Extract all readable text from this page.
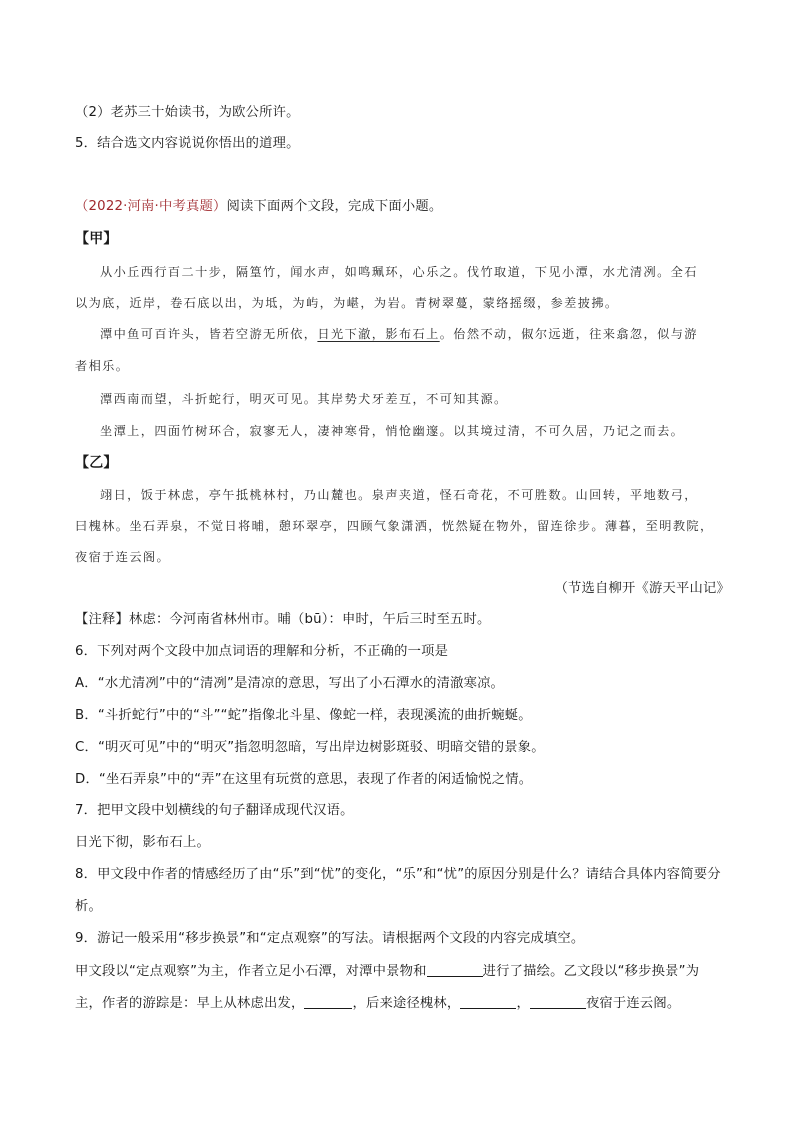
（2）老苏三十始读书，为欧公所许。
5．结合选文内容说说你悟出的道理。
（2022·河南·中考真题）阅读下面两个文段，完成下面小题。
【甲】
从小丘西行百二十步，隔篁竹，闻水声，如鸣珮环，心乐之。伐竹取道，下见小潭，水尤清冽。全石
以为底，近岸，卷石底以出，为坻，为屿，为嵁，为岩。青树翠蔓，蒙络摇缀，参差披拂。
潭中鱼可百许头，皆若空游无所依，日光下澈，影布石上。佁然不动，俶尔远逝，往来翕忽，似与游
者相乐。
潭西南而望，斗折蛇行，明灭可见。其岸势犬牙差互，不可知其源。
坐潭上，四面竹树环合，寂寥无人，凄神寒骨，悄怆幽邃。以其境过清，不可久居，乃记之而去。
【乙】
翊日，饭于林虑，亭午抵桃林村，乃山麓也。泉声夹道，怪石奇花，不可胜数。山回转，平地数弓，
曰槐林。坐石弄泉，不觉日将晡，憩环翠亭，四顾气象潇洒，恍然疑在物外，留连徐步。薄暮，至明教院，
夜宿于连云阁。
（节选自柳开《游天平山记》
【注释】林虑：今河南省林州市。晡（bū）：申时，午后三时至五时。
6．下列对两个文段中加点词语的理解和分析，不正确的一项是
A．“水尤清冽”中的“清冽”是清凉的意思，写出了小石潭水的清澈寒凉。
B．“斗折蛇行”中的“斗”“蛇”指像北斗星、像蛇一样，表现溪流的曲折蜿蜒。
C．“明灭可见”中的“明灭”指忽明忽暗，写出岸边树影斑驳、明暗交错的景象。
D．“坐石弄泉”中的“弄”在这里有玩赏的意思，表现了作者的闲适愉悦之情。
7．把甲文段中划横线的句子翻译成现代汉语。
日光下彻，影布石上。
8．甲文段中作者的情感经历了由“乐”到“忧”的变化，“乐”和“忧”的原因分别是什么？请结合具体内容简要分
析。
9．游记一般采用“移步换景”和“定点观察”的写法。请根据两个文段的内容完成填空。
甲文段以“定点观察”为主，作者立足小石潭，对潭中景物和	进行了描绘。乙文段以“移步换景”为
主，作者的游踪是：早上从林虑出发，	，后来途径槐林，	，	夜宿于连云阁。
